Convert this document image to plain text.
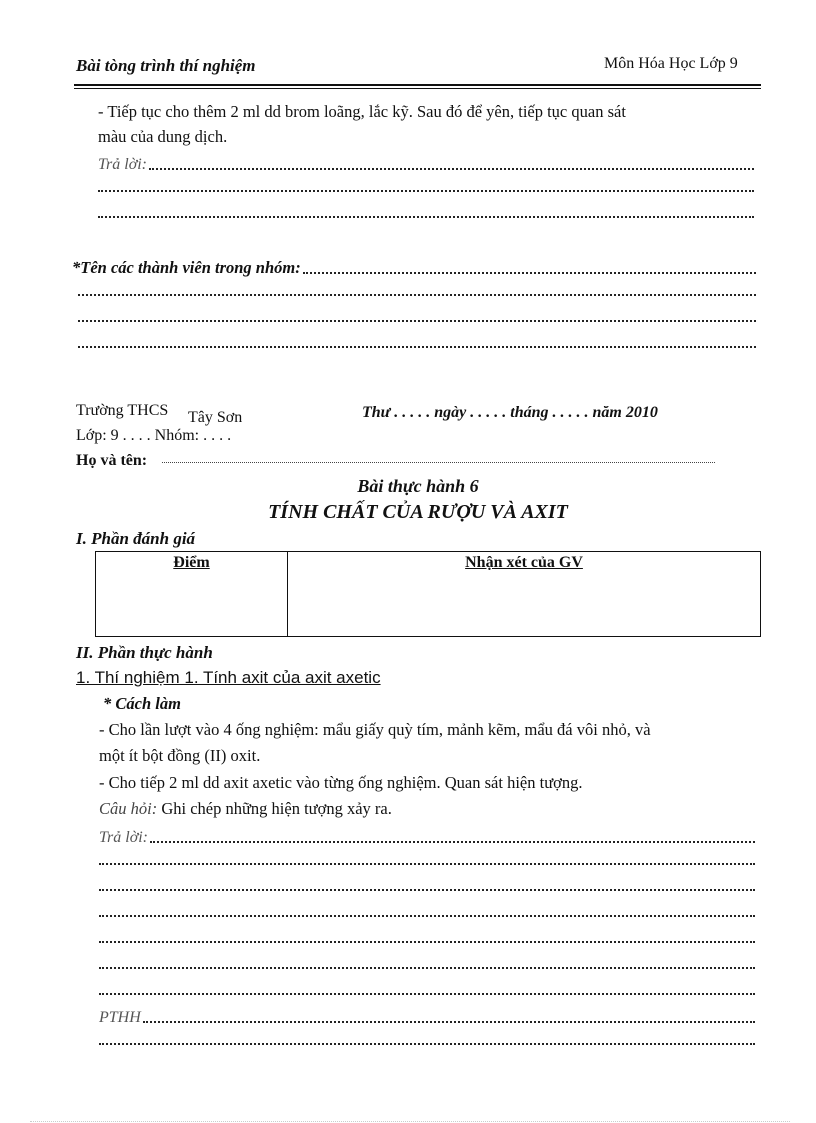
Bài tòng trình thí nghiệm	Môn Hóa Học Lớp 9
- Tiếp tục cho thêm 2 ml dd brom loãng, lắc kỹ. Sau đó để yên, tiếp tục quan sát
màu của dung dịch.
Trả lời:
*Tên các thành viên trong nhóm:
Trường THCS Tây Sơn	Thư . . . . . ngày . . . . . tháng . . . . . năm 2010
Lớp: 9 . . . . Nhóm: . . . .
Họ và tên:
Bài thực hành 6
TÍNH CHẤT CỦA RƯỢU VÀ AXIT
I. Phần đánh giá
Điểm	Nhận xét của GV
II. Phần thực hành
1. Thí nghiệm 1. Tính axit của axit axetic
* Cách làm
- Cho lần lượt vào 4 ống nghiệm: mẩu giấy quỳ tím, mảnh kẽm, mẩu đá vôi nhỏ, và
một ít bột đồng (II) oxit.
- Cho tiếp 2 ml dd axit axetic vào từng ống nghiệm. Quan sát hiện tượng.
Câu hỏi: Ghi chép những hiện tượng xảy ra.
Trả lời:
PTHH
